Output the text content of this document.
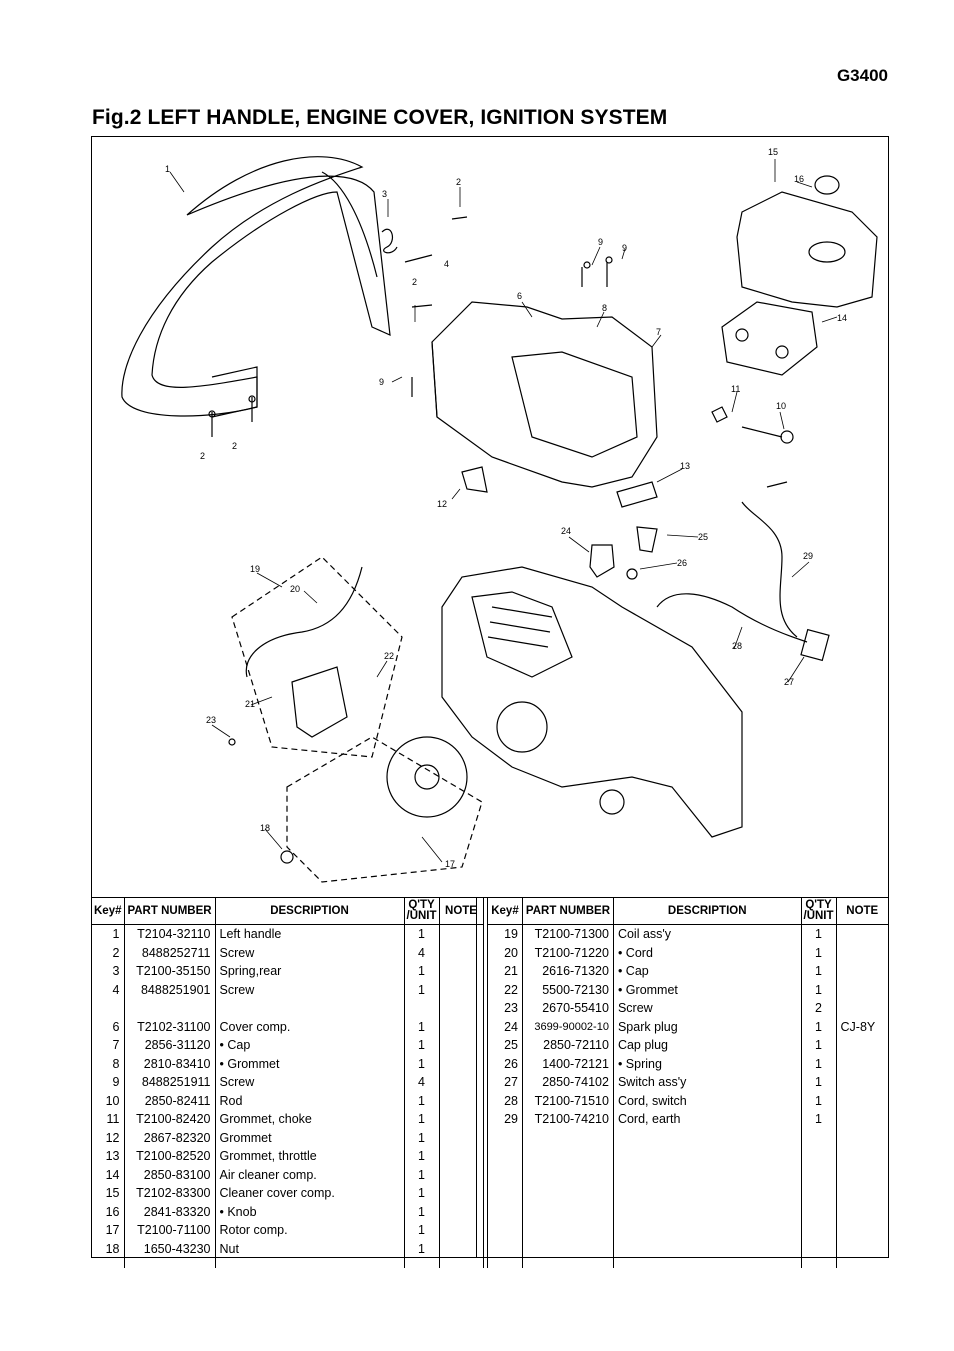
G3400
Fig.2 LEFT HANDLE, ENGINE COVER, IGNITION SYSTEM
1
2
3
2
4
2
2
9
9
6
8
7
9
15
16
14
11
10
12
13
24
25
26
19
20
22
21
29
28
27
23
18
17
Key#	PART NUMBER	DESCRIPTION	Q'TY /UNIT	NOTE
1	T2104-32110	Left handle	1	
2	8488252711	Screw	4	
3	T2100-35150	Spring,rear	1	
4	8488251901	Screw	1	

6	T2102-31100	Cover comp.	1	
7	2856-31120	• Cap	1	
8	2810-83410	• Grommet	1	
9	8488251911	Screw	4	
10	2850-82411	Rod	1	
11	T2100-82420	Grommet, choke	1	
12	2867-82320	Grommet	1	
13	T2100-82520	Grommet, throttle	1	
14	2850-83100	Air cleaner comp.	1	
15	T2102-83300	Cleaner cover comp.	1	
16	2841-83320	• Knob	1	
17	T2100-71100	Rotor comp.	1	
18	1650-43230	Nut	1	

Key#	PART NUMBER	DESCRIPTION	Q'TY /UNIT	NOTE
19	T2100-71300	Coil ass'y	1	
20	T2100-71220	• Cord	1	
21	2616-71320	• Cap	1	
22	5500-72130	• Grommet	1	
23	2670-55410	Screw	2	
24	3699-90002-10	Spark plug	1	CJ-8Y
25	2850-72110	Cap plug	1	
26	1400-72121	• Spring	1	
27	2850-74102	Switch ass'y	1	
28	T2100-71510	Cord, switch	1	
29	T2100-74210	Cord, earth	1	
